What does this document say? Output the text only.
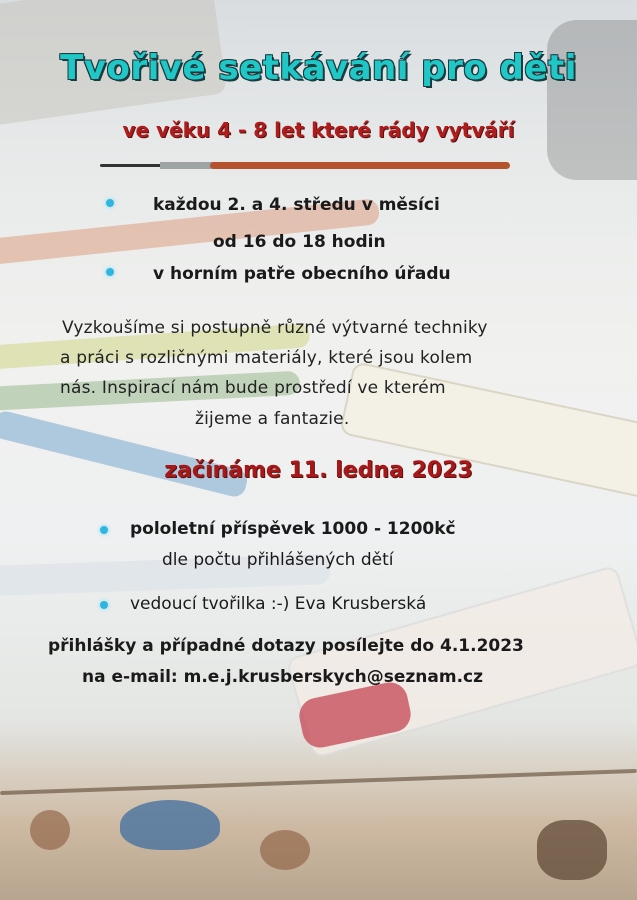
Tvořivé setkávání pro děti
ve věku 4 - 8 let které rády vytváří
každou 2. a 4. středu v měsíci
od 16 do 18 hodin
v horním patře obecního úřadu
Vyzkoušíme si postupně různé výtvarné techniky
a práci s rozličnými materiály, které jsou kolem
nás. Inspirací nám bude prostředí ve kterém
žijeme a fantazie.
začínáme 11. ledna 2023
pololetní příspěvek 1000 - 1200kč
dle počtu přihlášených dětí
vedoucí tvořilka :-) Eva Krusberská
přihlášky a případné dotazy posílejte do 4.1.2023
na e-mail: m.e.j.krusberskych@seznam.cz
